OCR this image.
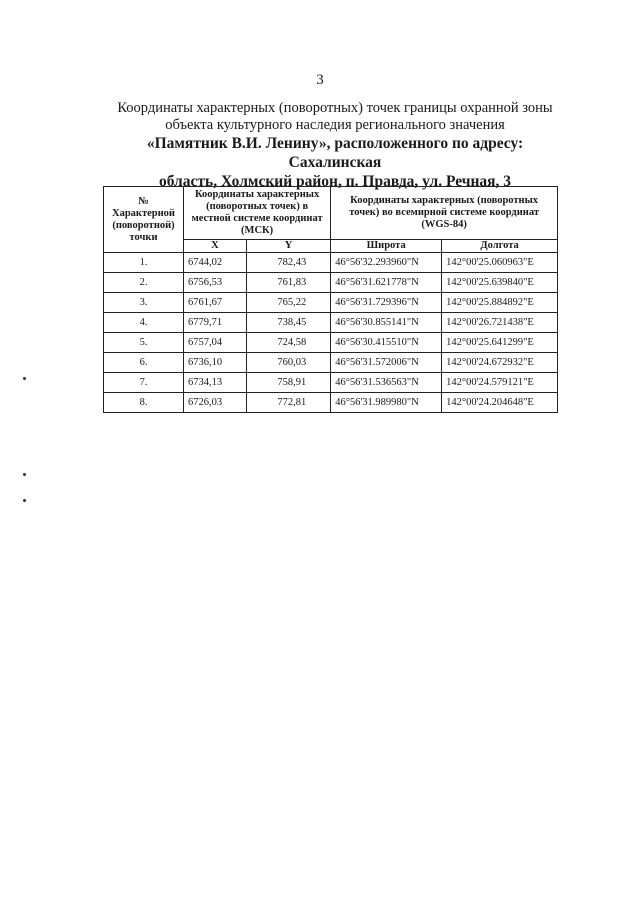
3
Координаты характерных (поворотных) точек границы охранной зоны
объекта культурного наследия регионального значения
«Памятник В.И. Ленину», расположенного по адресу: Сахалинская
область, Холмский район, п. Правда, ул. Речная, 3
№
Характерной
(поворотной)
точки	Координаты характерных (поворотных точек) в местной системе координат (МСК)		Координаты характерных (поворотных точек) во всемирной системе координат (WGS-84)	
	X	Y	Широта	Долгота
1.	6744,02	782,43	46°56'32.293960"N	142°00'25.060963"E
2.	6756,53	761,83	46°56'31.621778"N	142°00'25.639840"E
3.	6761,67	765,22	46°56'31.729396"N	142°00'25.884892"E
4.	6779,71	738,45	46°56'30.855141"N	142°00'26.721438"E
5.	6757,04	724,58	46°56'30.415510"N	142°00'25.641299"E
6.	6736,10	760,03	46°56'31.572006"N	142°00'24.672932"E
7.	6734,13	758,91	46°56'31.536563"N	142°00'24.579121"E
8.	6726,03	772,81	46°56'31.989980"N	142°00'24.204648"E
